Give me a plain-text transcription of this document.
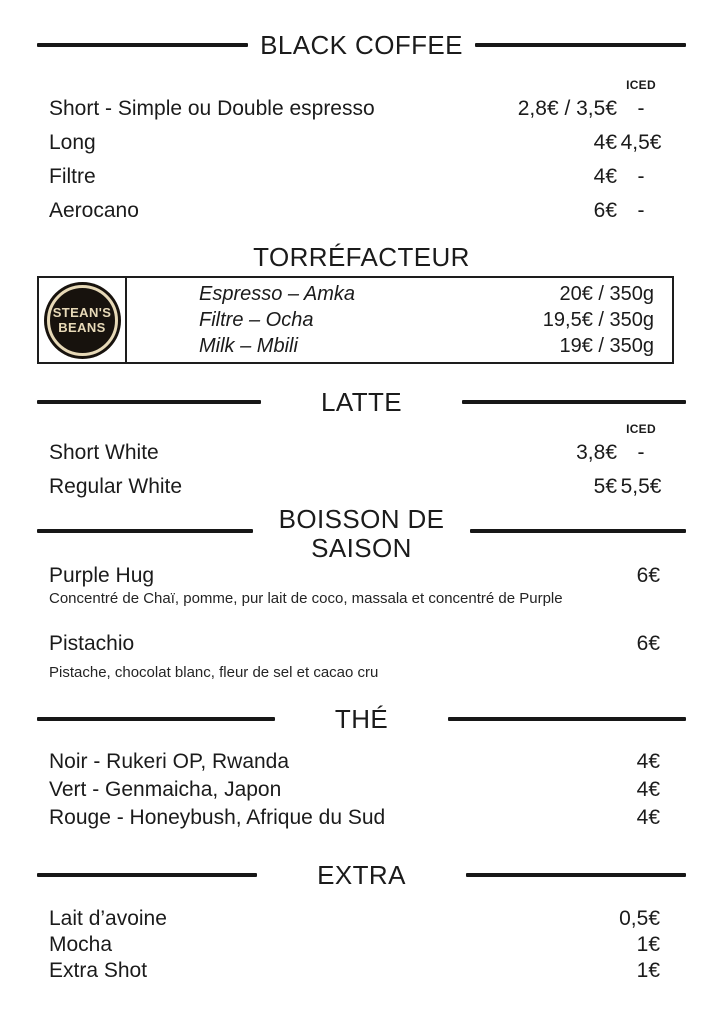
BLACK COFFEE
ICED
Short - Simple ou Double espresso	2,8€ / 3,5€ -
Long	4€ 4,5€
Filtre	4€ -
Aerocano	6€ -
TORRÉFACTEUR
STEAN'S
BEANS
Espresso – Amka	20€ / 350g
Filtre – Ocha	19,5€ / 350g
Milk – Mbili	19€ / 350g
LATTE
ICED
Short White	3,8€ -
Regular White	5€ 5,5€
BOISSON DE
SAISON
Purple Hug	6€
Concentré de Chaï, pomme, pur lait de coco, massala et concentré de Purple
Pistachio	6€
Pistache, chocolat blanc, fleur de sel et cacao cru
THÉ
Noir - Rukeri OP, Rwanda	4€
Vert - Genmaicha, Japon	4€
Rouge - Honeybush, Afrique du Sud	4€
EXTRA
Lait d’avoine	0,5€
Mocha	1€
Extra Shot	1€
